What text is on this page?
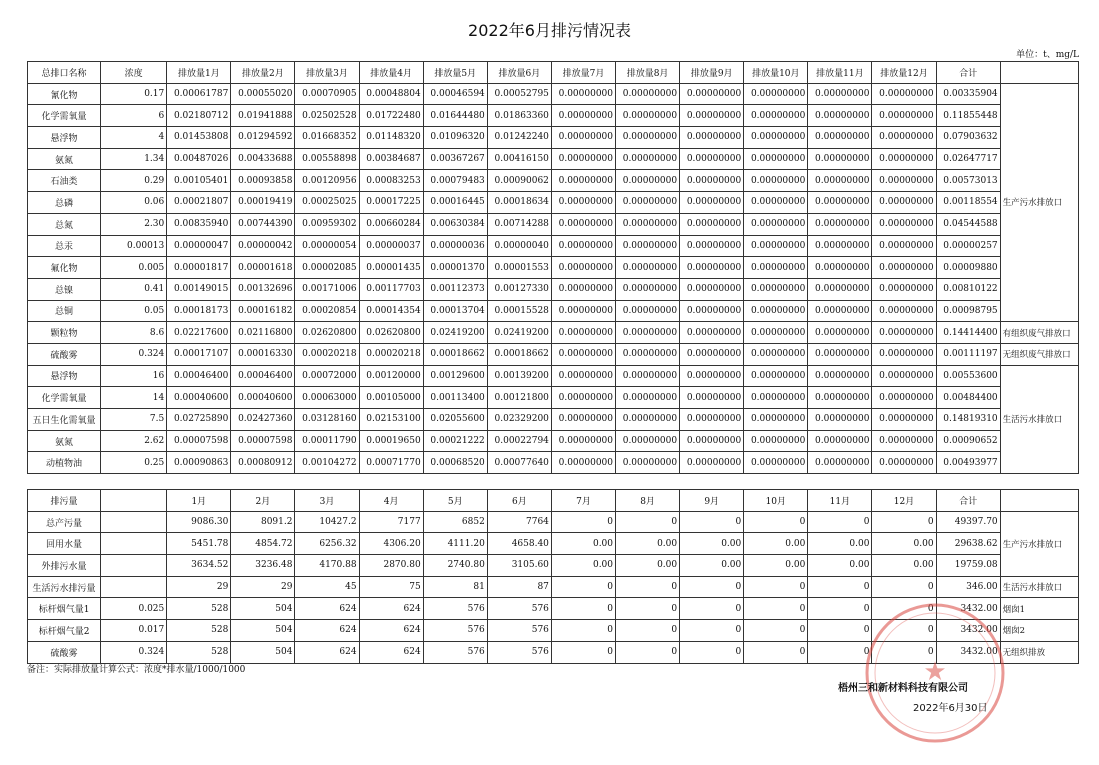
2022年6月排污情况表
单位：t、mg/L
总排口名称	浓度	排放量1月	排放量2月	排放量3月	排放量4月	排放量5月	排放量6月	排放量7月	排放量8月	排放量9月	排放量10月	排放量11月	排放量12月	合计	
氰化物	0.17	0.00061787	0.00055020	0.00070905	0.00048804	0.00046594	0.00052795	0.00000000	0.00000000	0.00000000	0.00000000	0.00000000	0.00000000	0.00335904	生产污水排放口
化学需氧量	6	0.02180712	0.01941888	0.02502528	0.01722480	0.01644480	0.01863360	0.00000000	0.00000000	0.00000000	0.00000000	0.00000000	0.00000000	0.11855448	
悬浮物	4	0.01453808	0.01294592	0.01668352	0.01148320	0.01096320	0.01242240	0.00000000	0.00000000	0.00000000	0.00000000	0.00000000	0.00000000	0.07903632	
氨氮	1.34	0.00487026	0.00433688	0.00558898	0.00384687	0.00367267	0.00416150	0.00000000	0.00000000	0.00000000	0.00000000	0.00000000	0.00000000	0.02647717	
石油类	0.29	0.00105401	0.00093858	0.00120956	0.00083253	0.00079483	0.00090062	0.00000000	0.00000000	0.00000000	0.00000000	0.00000000	0.00000000	0.00573013	
总磷	0.06	0.00021807	0.00019419	0.00025025	0.00017225	0.00016445	0.00018634	0.00000000	0.00000000	0.00000000	0.00000000	0.00000000	0.00000000	0.00118554	
总氮	2.30	0.00835940	0.00744390	0.00959302	0.00660284	0.00630384	0.00714288	0.00000000	0.00000000	0.00000000	0.00000000	0.00000000	0.00000000	0.04544588	
总汞	0.00013	0.00000047	0.00000042	0.00000054	0.00000037	0.00000036	0.00000040	0.00000000	0.00000000	0.00000000	0.00000000	0.00000000	0.00000000	0.00000257	
氟化物	0.005	0.00001817	0.00001618	0.00002085	0.00001435	0.00001370	0.00001553	0.00000000	0.00000000	0.00000000	0.00000000	0.00000000	0.00000000	0.00009880	
总镍	0.41	0.00149015	0.00132696	0.00171006	0.00117703	0.00112373	0.00127330	0.00000000	0.00000000	0.00000000	0.00000000	0.00000000	0.00000000	0.00810122	
总铜	0.05	0.00018173	0.00016182	0.00020854	0.00014354	0.00013704	0.00015528	0.00000000	0.00000000	0.00000000	0.00000000	0.00000000	0.00000000	0.00098795	
颗粒物	8.6	0.02217600	0.02116800	0.02620800	0.02620800	0.02419200	0.02419200	0.00000000	0.00000000	0.00000000	0.00000000	0.00000000	0.00000000	0.14414400	有组织废气排放口
硫酸雾	0.324	0.00017107	0.00016330	0.00020218	0.00020218	0.00018662	0.00018662	0.00000000	0.00000000	0.00000000	0.00000000	0.00000000	0.00000000	0.00111197	无组织废气排放口
悬浮物	16	0.00046400	0.00046400	0.00072000	0.00120000	0.00129600	0.00139200	0.00000000	0.00000000	0.00000000	0.00000000	0.00000000	0.00000000	0.00553600	生活污水排放口
化学需氧量	14	0.00040600	0.00040600	0.00063000	0.00105000	0.00113400	0.00121800	0.00000000	0.00000000	0.00000000	0.00000000	0.00000000	0.00000000	0.00484400	
五日生化需氧量	7.5	0.02725890	0.02427360	0.03128160	0.02153100	0.02055600	0.02329200	0.00000000	0.00000000	0.00000000	0.00000000	0.00000000	0.00000000	0.14819310	
氨氮	2.62	0.00007598	0.00007598	0.00011790	0.00019650	0.00021222	0.00022794	0.00000000	0.00000000	0.00000000	0.00000000	0.00000000	0.00000000	0.00090652	
动植物油	0.25	0.00090863	0.00080912	0.00104272	0.00071770	0.00068520	0.00077640	0.00000000	0.00000000	0.00000000	0.00000000	0.00000000	0.00000000	0.00493977	
排污量		1月	2月	3月	4月	5月	6月	7月	8月	9月	10月	11月	12月	合计	
总产污量		9086.30	8091.2	10427.2	7177	6852	7764	0	0	0	0	0	0	49397.70	生产污水排放口
回用水量		5451.78	4854.72	6256.32	4306.20	4111.20	4658.40	0.00	0.00	0.00	0.00	0.00	0.00	29638.62	
外排污水量		3634.52	3236.48	4170.88	2870.80	2740.80	3105.60	0.00	0.00	0.00	0.00	0.00	0.00	19759.08	
生活污水排污量		29	29	45	75	81	87	0	0	0	0	0	0	346.00	生活污水排放口
标杆烟气量1	0.025	528	504	624	624	576	576	0	0	0	0	0	0	3432.00	烟囱1
标杆烟气量2	0.017	528	504	624	624	576	576	0	0	0	0	0	0	3432.00	烟囱2
硫酸雾	0.324	528	504	624	624	576	576	0	0	0	0	0	0	3432.00	无组织排放
备注：实际排放量计算公式：浓度*排水量/1000/1000	★
梧州三和新材料科技有限公司
2022年6月30日
